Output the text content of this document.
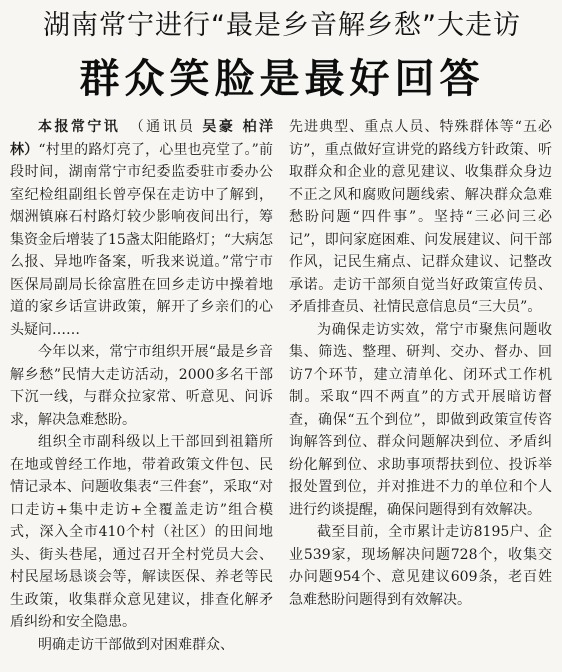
湖南常宁进行“最是乡音解乡愁”大走访
群众笑脸是最好回答

本报常宁讯　 （通讯员 吴豪 柏洋林）“村里的路灯亮了，心里也亮堂了。”前段时间，湖南常宁市纪委监委驻市委办公室纪检组副组长曾亭保在走访中了解到，烟洲镇麻石村路灯较少影响夜间出行，筹集资金后增装了15盏太阳能路灯；“大病怎么报、异地咋备案，听我来说道。”常宁市医保局副局长徐富胜在回乡走访中操着地道的家乡话宣讲政策，解开了乡亲们的心头疑问……

今年以来，常宁市组织开展“最是乡音解乡愁”民情大走访活动，2000多名干部下沉一线，与群众拉家常、听意见、问诉求，解决急难愁盼。

组织全市副科级以上干部回到祖籍所在地或曾经工作地，带着政策文件包、民情记录本、问题收集表“三件套”，采取“对口走访+集中走访+全覆盖走访”组合模式，深入全市410个村（社区）的田间地头、街头巷尾，通过召开全村党员大会、村民屋场恳谈会等，解读医保、养老等民生政策，收集群众意见建议，排查化解矛盾纠纷和安全隐患。

明确走访干部做到对困难群众、

先进典型、重点人员、特殊群体等“五必访”，重点做好宣讲党的路线方针政策、听取群众和企业的意见建议、收集群众身边不正之风和腐败问题线索、解决群众急难愁盼问题“四件事”。坚持“三必问三必记”，即问家庭困难、问发展建议、问干部作风，记民生痛点、记群众建议、记整改承诺。走访干部须自觉当好政策宣传员、矛盾排查员、社情民意信息员“三大员”。

为确保走访实效，常宁市聚焦问题收集、筛选、整理、研判、交办、督办、回访7个环节，建立清单化、闭环式工作机制。采取“四不两直”的方式开展暗访督查，确保“五个到位”，即做到政策宣传咨询解答到位、群众问题解决到位、矛盾纠纷化解到位、求助事项帮扶到位、投诉举报处置到位，并对推进不力的单位和个人进行约谈提醒，确保问题得到有效解决。

截至目前，全市累计走访8195户、企业539家，现场解决问题728个，收集交办问题954个、意见建议609条，老百姓急难愁盼问题得到有效解决。
